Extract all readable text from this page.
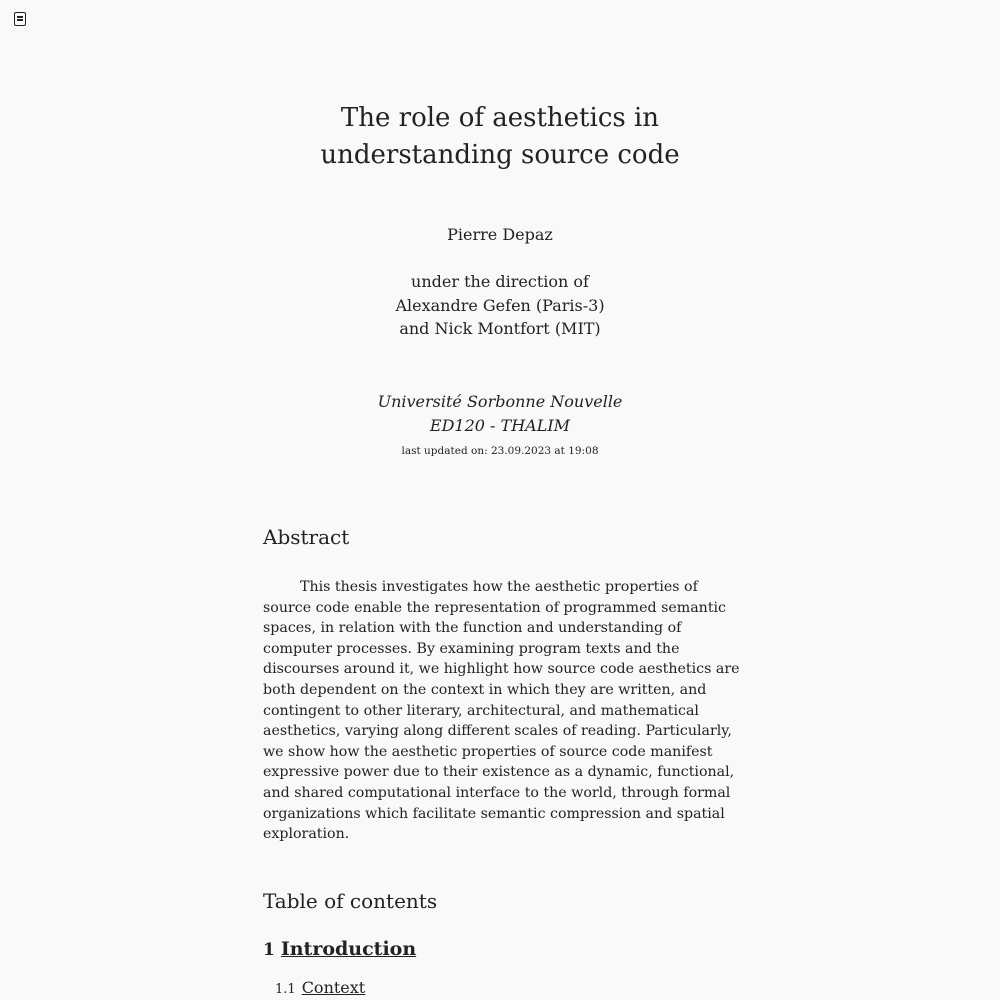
The role of aesthetics in understanding source code
Pierre Depaz
under the direction of
Alexandre Gefen (Paris-3)
and Nick Montfort (MIT)
Université Sorbonne Nouvelle
ED120 - THALIM
last updated on: 23.09.2023 at 19:08
Abstract

This thesis investigates how the aesthetic properties of source code enable the representation of programmed semantic spaces, in relation with the function and understanding of computer processes. By examining program texts and the discourses around it, we highlight how source code aesthetics are both dependent on the context in which they are written, and contingent to other literary, architectural, and mathematical aesthetics, varying along different scales of reading. Particularly, we show how the aesthetic properties of source code manifest expressive power due to their existence as a dynamic, functional, and shared computational interface to the world, through formal organizations which facilitate semantic compression and spatial exploration.

Table of contents
1 Introduction
1.1 Context
